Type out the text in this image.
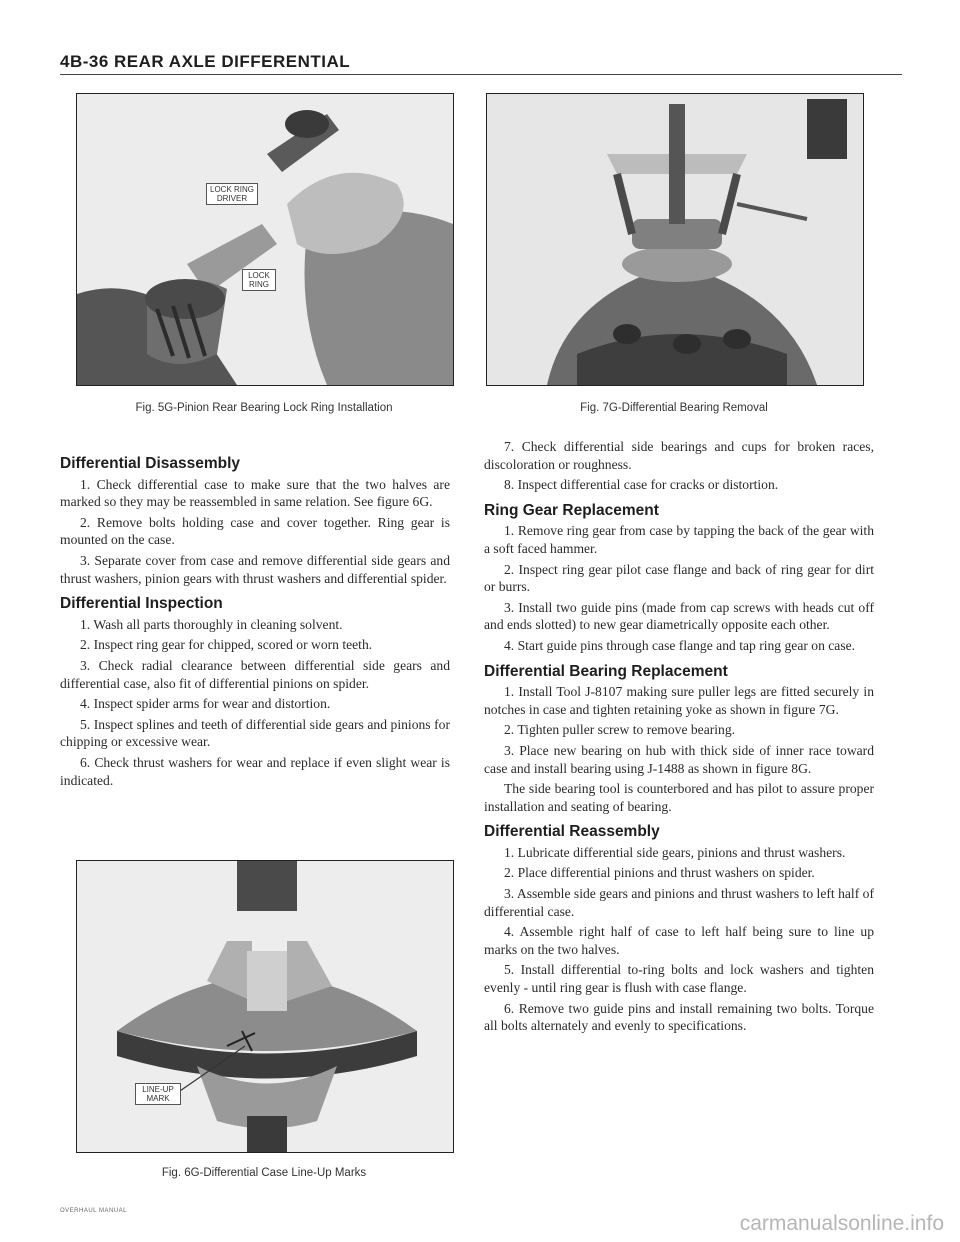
4B-36 REAR AXLE DIFFERENTIAL
LOCK RING DRIVER
LOCK RING
Fig. 5G-Pinion Rear Bearing Lock Ring Installation	Fig. 7G-Differential Bearing Removal
Differential Disassembly

1. Check differential case to make sure that the two halves are marked so they may be reassembled in same relation. See figure 6G.

2. Remove bolts holding case and cover together. Ring gear is mounted on the case.

3. Separate cover from case and remove differential side gears and thrust washers, pinion gears with thrust washers and differential spider.

Differential Inspection

1. Wash all parts thoroughly in cleaning solvent.

2. Inspect ring gear for chipped, scored or worn teeth.

3. Check radial clearance between differential side gears and differential case, also fit of differential pinions on spider.

4. Inspect spider arms for wear and distortion.

5. Inspect splines and teeth of differential side gears and pinions for chipping or excessive wear.

6. Check thrust washers for wear and replace if even slight wear is indicated.

LINE-UP MARK
Fig. 6G-Differential Case Line-Up Marks

7. Check differential side bearings and cups for broken races, discoloration or roughness.

8. Inspect differential case for cracks or distortion.

Ring Gear Replacement

1. Remove ring gear from case by tapping the back of the gear with a soft faced hammer.

2. Inspect ring gear pilot case flange and back of ring gear for dirt or burrs.

3. Install two guide pins (made from cap screws with heads cut off and ends slotted) to new gear diametrically opposite each other.

4. Start guide pins through case flange and tap ring gear on case.

Differential Bearing Replacement

1. Install Tool J-8107 making sure puller legs are fitted securely in notches in case and tighten retaining yoke as shown in figure 7G.

2. Tighten puller screw to remove bearing.

3. Place new bearing on hub with thick side of inner race toward case and install bearing using J-1488 as shown in figure 8G.

The side bearing tool is counterbored and has pilot to assure proper installation and seating of bearing.

Differential Reassembly

1. Lubricate differential side gears, pinions and thrust washers.

2. Place differential pinions and thrust washers on spider.

3. Assemble side gears and pinions and thrust washers to left half of differential case.

4. Assemble right half of case to left half being sure to line up marks on the two halves.

5. Install differential to-ring bolts and lock washers and tighten evenly - until ring gear is flush with case flange.

6. Remove two guide pins and install remaining two bolts. Torque all bolts alternately and evenly to specifications.

OVERHAUL MANUAL
carmanualsonline.info
